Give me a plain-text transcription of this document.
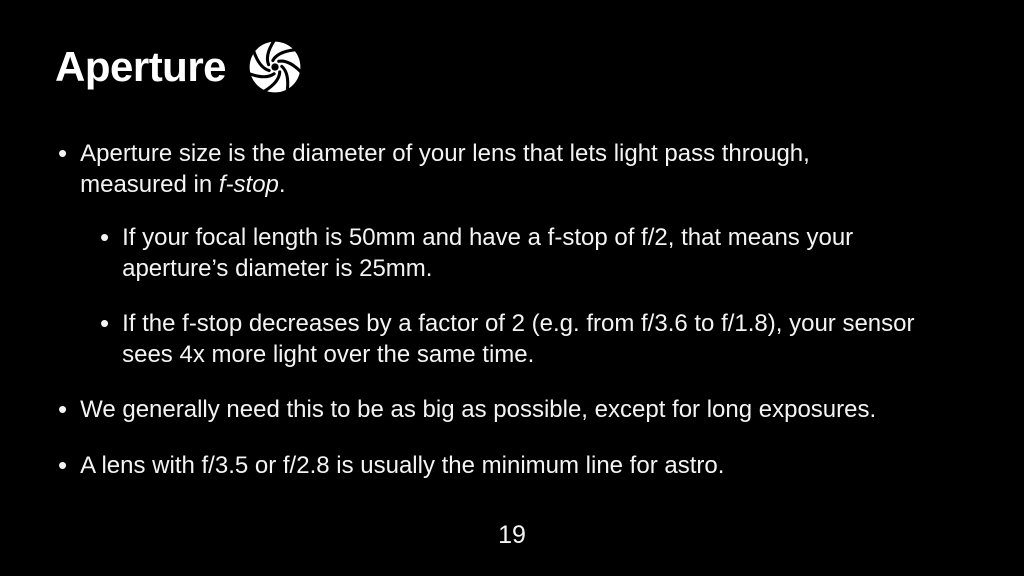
Aperture
• Aperture size is the diameter of your lens that lets light pass through,
measured in f-stop.
• If your focal length is 50mm and have a f-stop of f/2, that means your
aperture’s diameter is 25mm.
• If the f-stop decreases by a factor of 2 (e.g. from f/3.6 to f/1.8), your sensor
sees 4x more light over the same time.
• We generally need this to be as big as possible, except for long exposures.
• A lens with f/3.5 or f/2.8 is usually the minimum line for astro.
19
